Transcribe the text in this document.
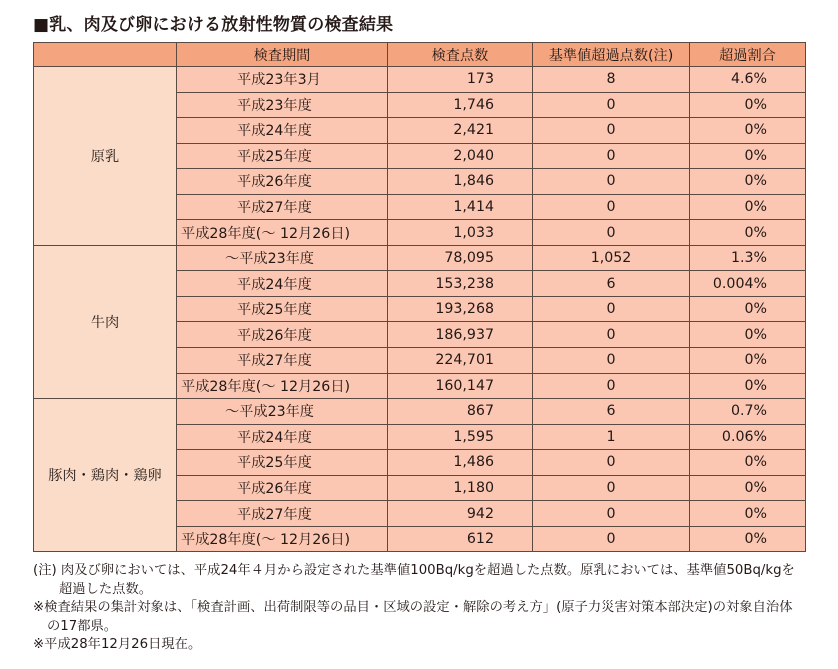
■乳、肉及び卵における放射性物質の検査結果
	検査期間	検査点数	基準値超過点数(注)	超過割合
原乳	平成23年3月	173	8	4.6%
	平成23年度	1,746	0	0%
	平成24年度	2,421	0	0%
	平成25年度	2,040	0	0%
	平成26年度	1,846	0	0%
	平成27年度	1,414	0	0%
	平成28年度(～ 12月26日)	1,033	0	0%
牛肉	～平成23年度	78,095	1,052	1.3%
	平成24年度	153,238	6	0.004%
	平成25年度	193,268	0	0%
	平成26年度	186,937	0	0%
	平成27年度	224,701	0	0%
	平成28年度(～ 12月26日)	160,147	0	0%
豚肉・鶏肉・鶏卵	～平成23年度	867	6	0.7%
	平成24年度	1,595	1	0.06%
	平成25年度	1,486	0	0%
	平成26年度	1,180	0	0%
	平成27年度	942	0	0%
	平成28年度(～ 12月26日)	612	0	0%

(注) 肉及び卵においては、平成24年４月から設定された基準値100Bq/kgを超過した点数。原乳においては、基準値50Bq/kgを超過した点数。

※検査結果の集計対象は、「検査計画、出荷制限等の品目・区域の設定・解除の考え方」(原子力災害対策本部決定)の対象自治体の17都県。

※平成28年12月26日現在。
